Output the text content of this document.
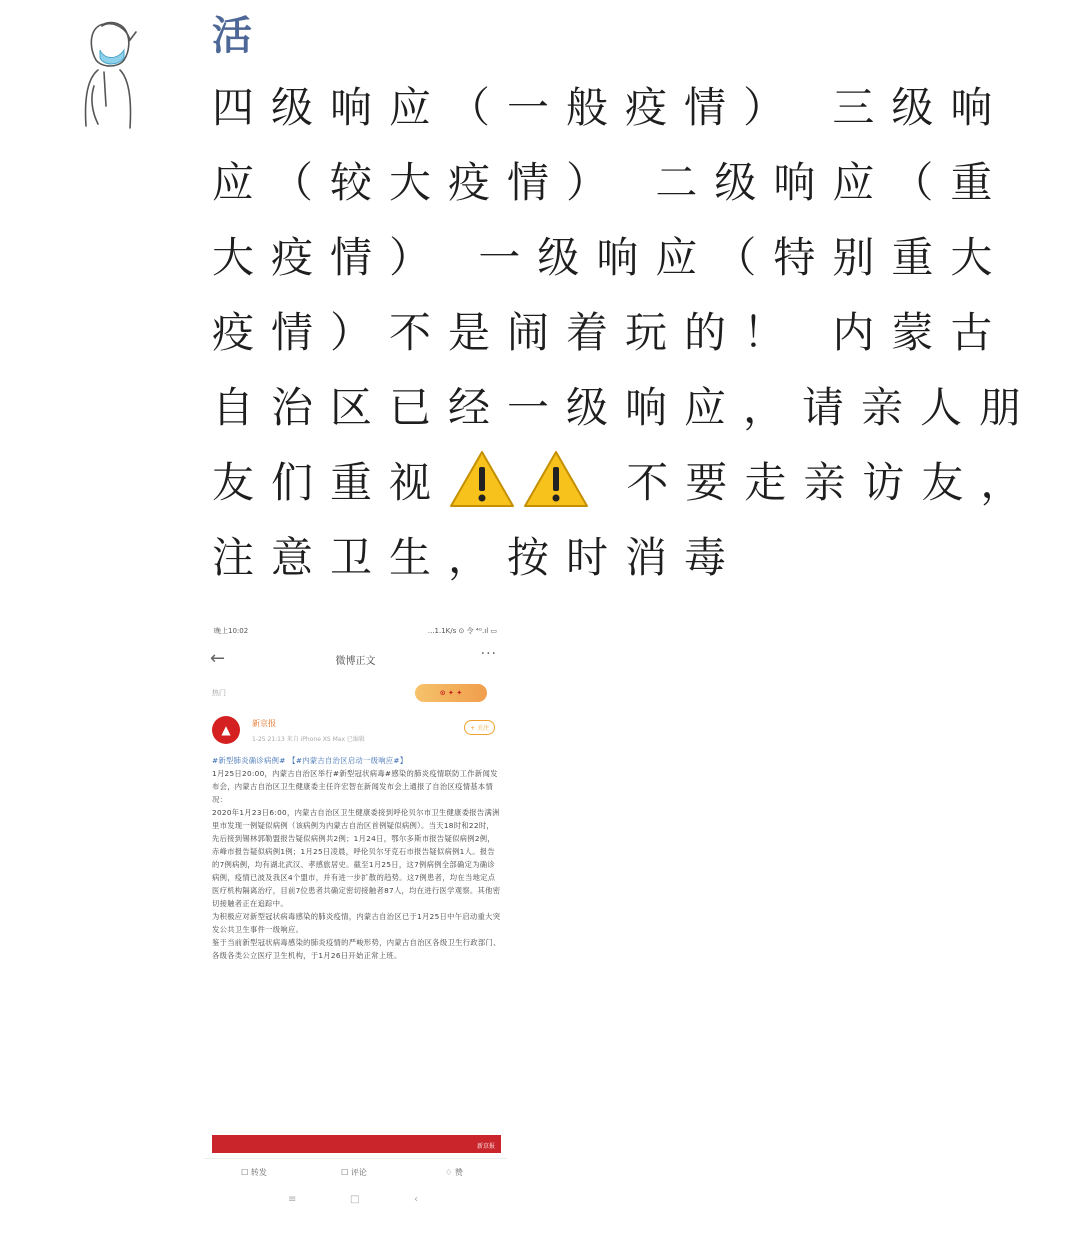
活
四级响应（一般疫情） 三级响应（较大疫情） 二级响应（重大疫情） 一级响应（特别重大疫情）不是闹着玩的！ 内蒙古自治区已经一级响应，请亲人朋友们重视	不要走亲访友，注意卫生，按时消毒
晚上10:02	...1.1K/s ⊙ 令 ⁴ᴳ.ıl ▭
←	微博正文	···
热门	⊙ ✦ ✦
▲	新京报
1-25 21:13 来自 iPhone XS Max 已编辑
+ 关注

#新型肺炎确诊病例# 【#内蒙古自治区启动一级响应#】

1月25日20:00，内蒙古自治区举行#新型冠状病毒#感染的肺炎疫情联防工作新闻发布会，内蒙古自治区卫生健康委主任许宏智在新闻发布会上通报了自治区疫情基本情况：

2020年1月23日6:00，内蒙古自治区卫生健康委接到呼伦贝尔市卫生健康委报告满洲里市发现一例疑似病例（该病例为内蒙古自治区首例疑似病例）。当天18时和22时，先后接到锡林郭勒盟报告疑似病例共2例；1月24日，鄂尔多斯市报告疑似病例2例，赤峰市报告疑似病例1例；1月25日凌晨，呼伦贝尔牙克石市报告疑似病例1人。报告的7例病例，均有湖北武汉、孝感旅居史。截至1月25日，这7例病例全部确定为确诊病例，疫情已波及我区4个盟市，并有进一步扩散的趋势。这7例患者，均在当地定点医疗机构隔离治疗，目前7位患者共确定密切接触者87人，均在进行医学观察。其他密切接触者正在追踪中。

为积极应对新型冠状病毒感染的肺炎疫情，内蒙古自治区已于1月25日中午启动重大突发公共卫生事件一级响应。

鉴于当前新型冠状病毒感染的肺炎疫情的严峻形势，内蒙古自治区各级卫生行政部门、各级各类公立医疗卫生机构，于1月26日开始正常上班。

新京报
☐ 转发	☐ 评论	♢ 赞
≡	□	‹
